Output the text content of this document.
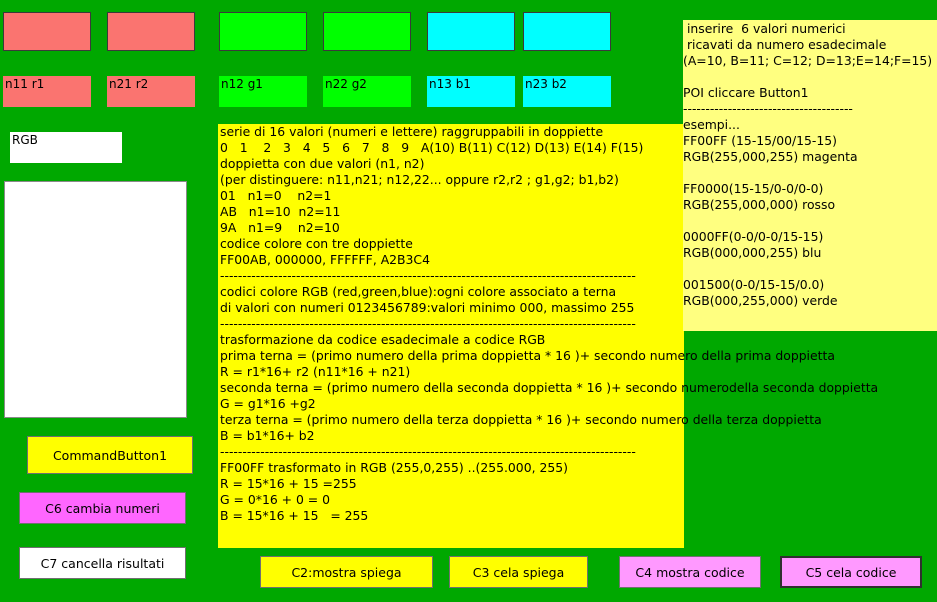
n11 r1	n21 r2	n12 g1	n22 g2	n13 b1	n23 b2
RGB
CommandButton1
C6 cambia numeri
C7 cancella risultati
serie di 16 valori (numeri e lettere) raggruppabili in doppiette
0   1    2   3   4   5   6   7   8   9   A(10) B(11) C(12) D(13) E(14) F(15)
doppietta con due valori (n1, n2)
(per distinguere: n11,n21; n12,22... oppure r2,r2 ; g1,g2; b1,b2)
01   n1=0    n2=1
AB   n1=10  n2=11
9A   n1=9    n2=10
codice colore con tre doppiette
FF00AB, 000000, FFFFFF, A2B3C4
---------------------------------------------------------------------------------------------
codici colore RGB (red,green,blue):ogni colore associato a terna
di valori con numeri 0123456789:valori minimo 000, massimo 255
---------------------------------------------------------------------------------------------
trasformazione da codice esadecimale a codice RGB
prima terna = (primo numero della prima doppietta * 16 )+ secondo numero della prima doppietta
R = r1*16+ r2 (n11*16 + n21)
seconda terna = (primo numero della seconda doppietta * 16 )+ secondo numerodella seconda doppietta
G = g1*16 +g2
terza terna = (primo numero della terza doppietta * 16 )+ secondo numero della terza doppietta
B = b1*16+ b2
---------------------------------------------------------------------------------------------
FF00FF trasformato in RGB (255,0,255) ..(255.000, 255)
R = 15*16 + 15 =255
G = 0*16 + 0 = 0
B = 15*16 + 15   = 255
inserire  6 valori numerici
ricavati da numero esadecimale
(A=10, B=11; C=12; D=13;E=14;F=15)

POI cliccare Button1
--------------------------------------
esempi...
FF00FF (15-15/00/15-15)
RGB(255,000,255) magenta

FF0000(15-15/0-0/0-0)
RGB(255,000,000) rosso

0000FF(0-0/0-0/15-15)
RGB(000,000,255) blu

001500(0-0/15-15/0.0)
RGB(000,255,000) verde
C2:mostra spiega	C3 cela spiega	C4 mostra codice	C5 cela codice
